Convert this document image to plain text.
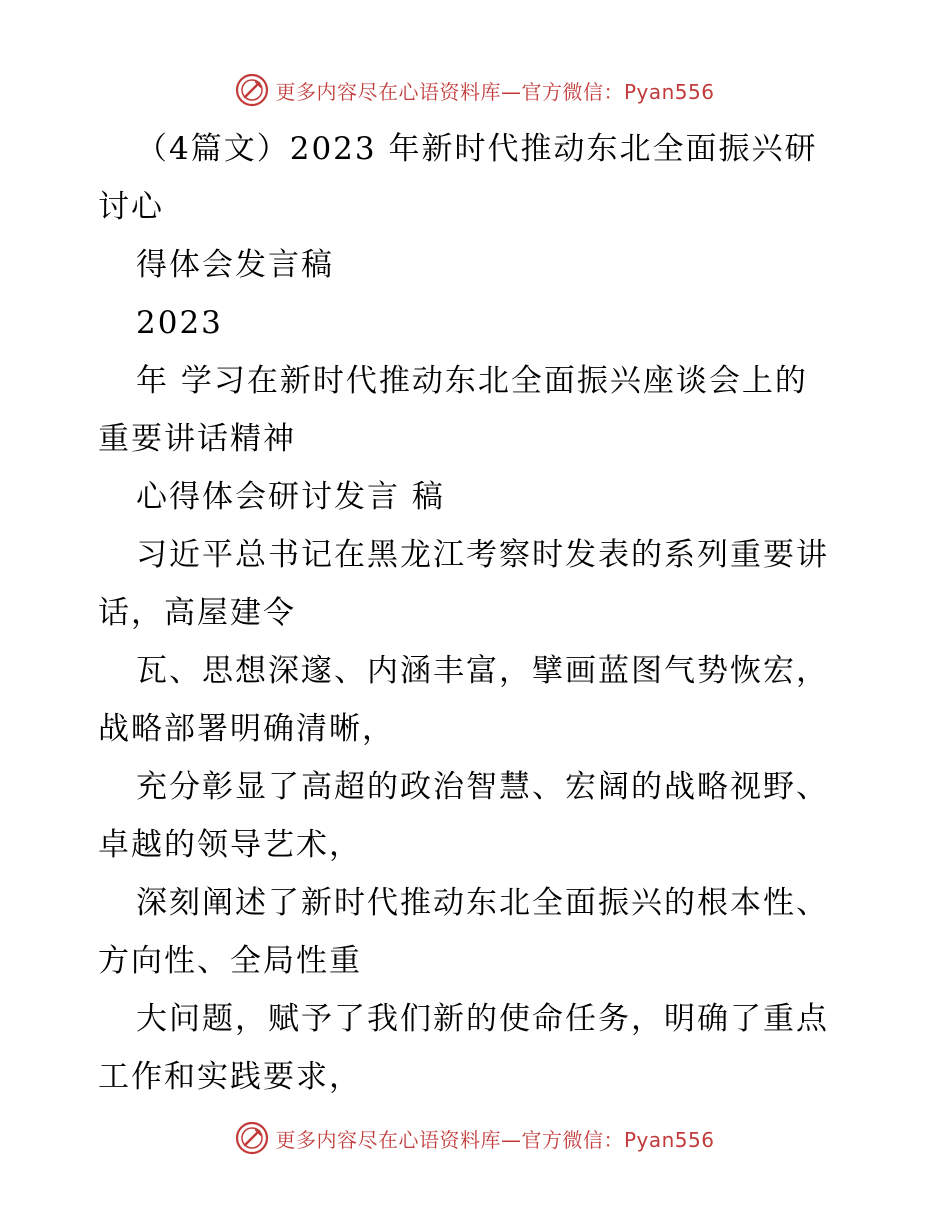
更多内容尽在心语资料库—官方微信：Pyan556
（4篇文）2023 年新时代推动东北全面振兴研
讨心
得体会发言稿
2023
年 学习在新时代推动东北全面振兴座谈会上的
重要讲话精神
心得体会研讨发言 稿
习近平总书记在黑龙江考察时发表的系列重要讲
话，高屋建令
瓦、思想深邃、内涵丰富，擘画蓝图气势恢宏，
战略部署明确清晰，
充分彰显了高超的政治智慧、宏阔的战略视野、
卓越的领导艺术，
深刻阐述了新时代推动东北全面振兴的根本性、
方向性、全局性重
大问题，赋予了我们新的使命任务，明确了重点
工作和实践要求，
更多内容尽在心语资料库—官方微信：Pyan556
